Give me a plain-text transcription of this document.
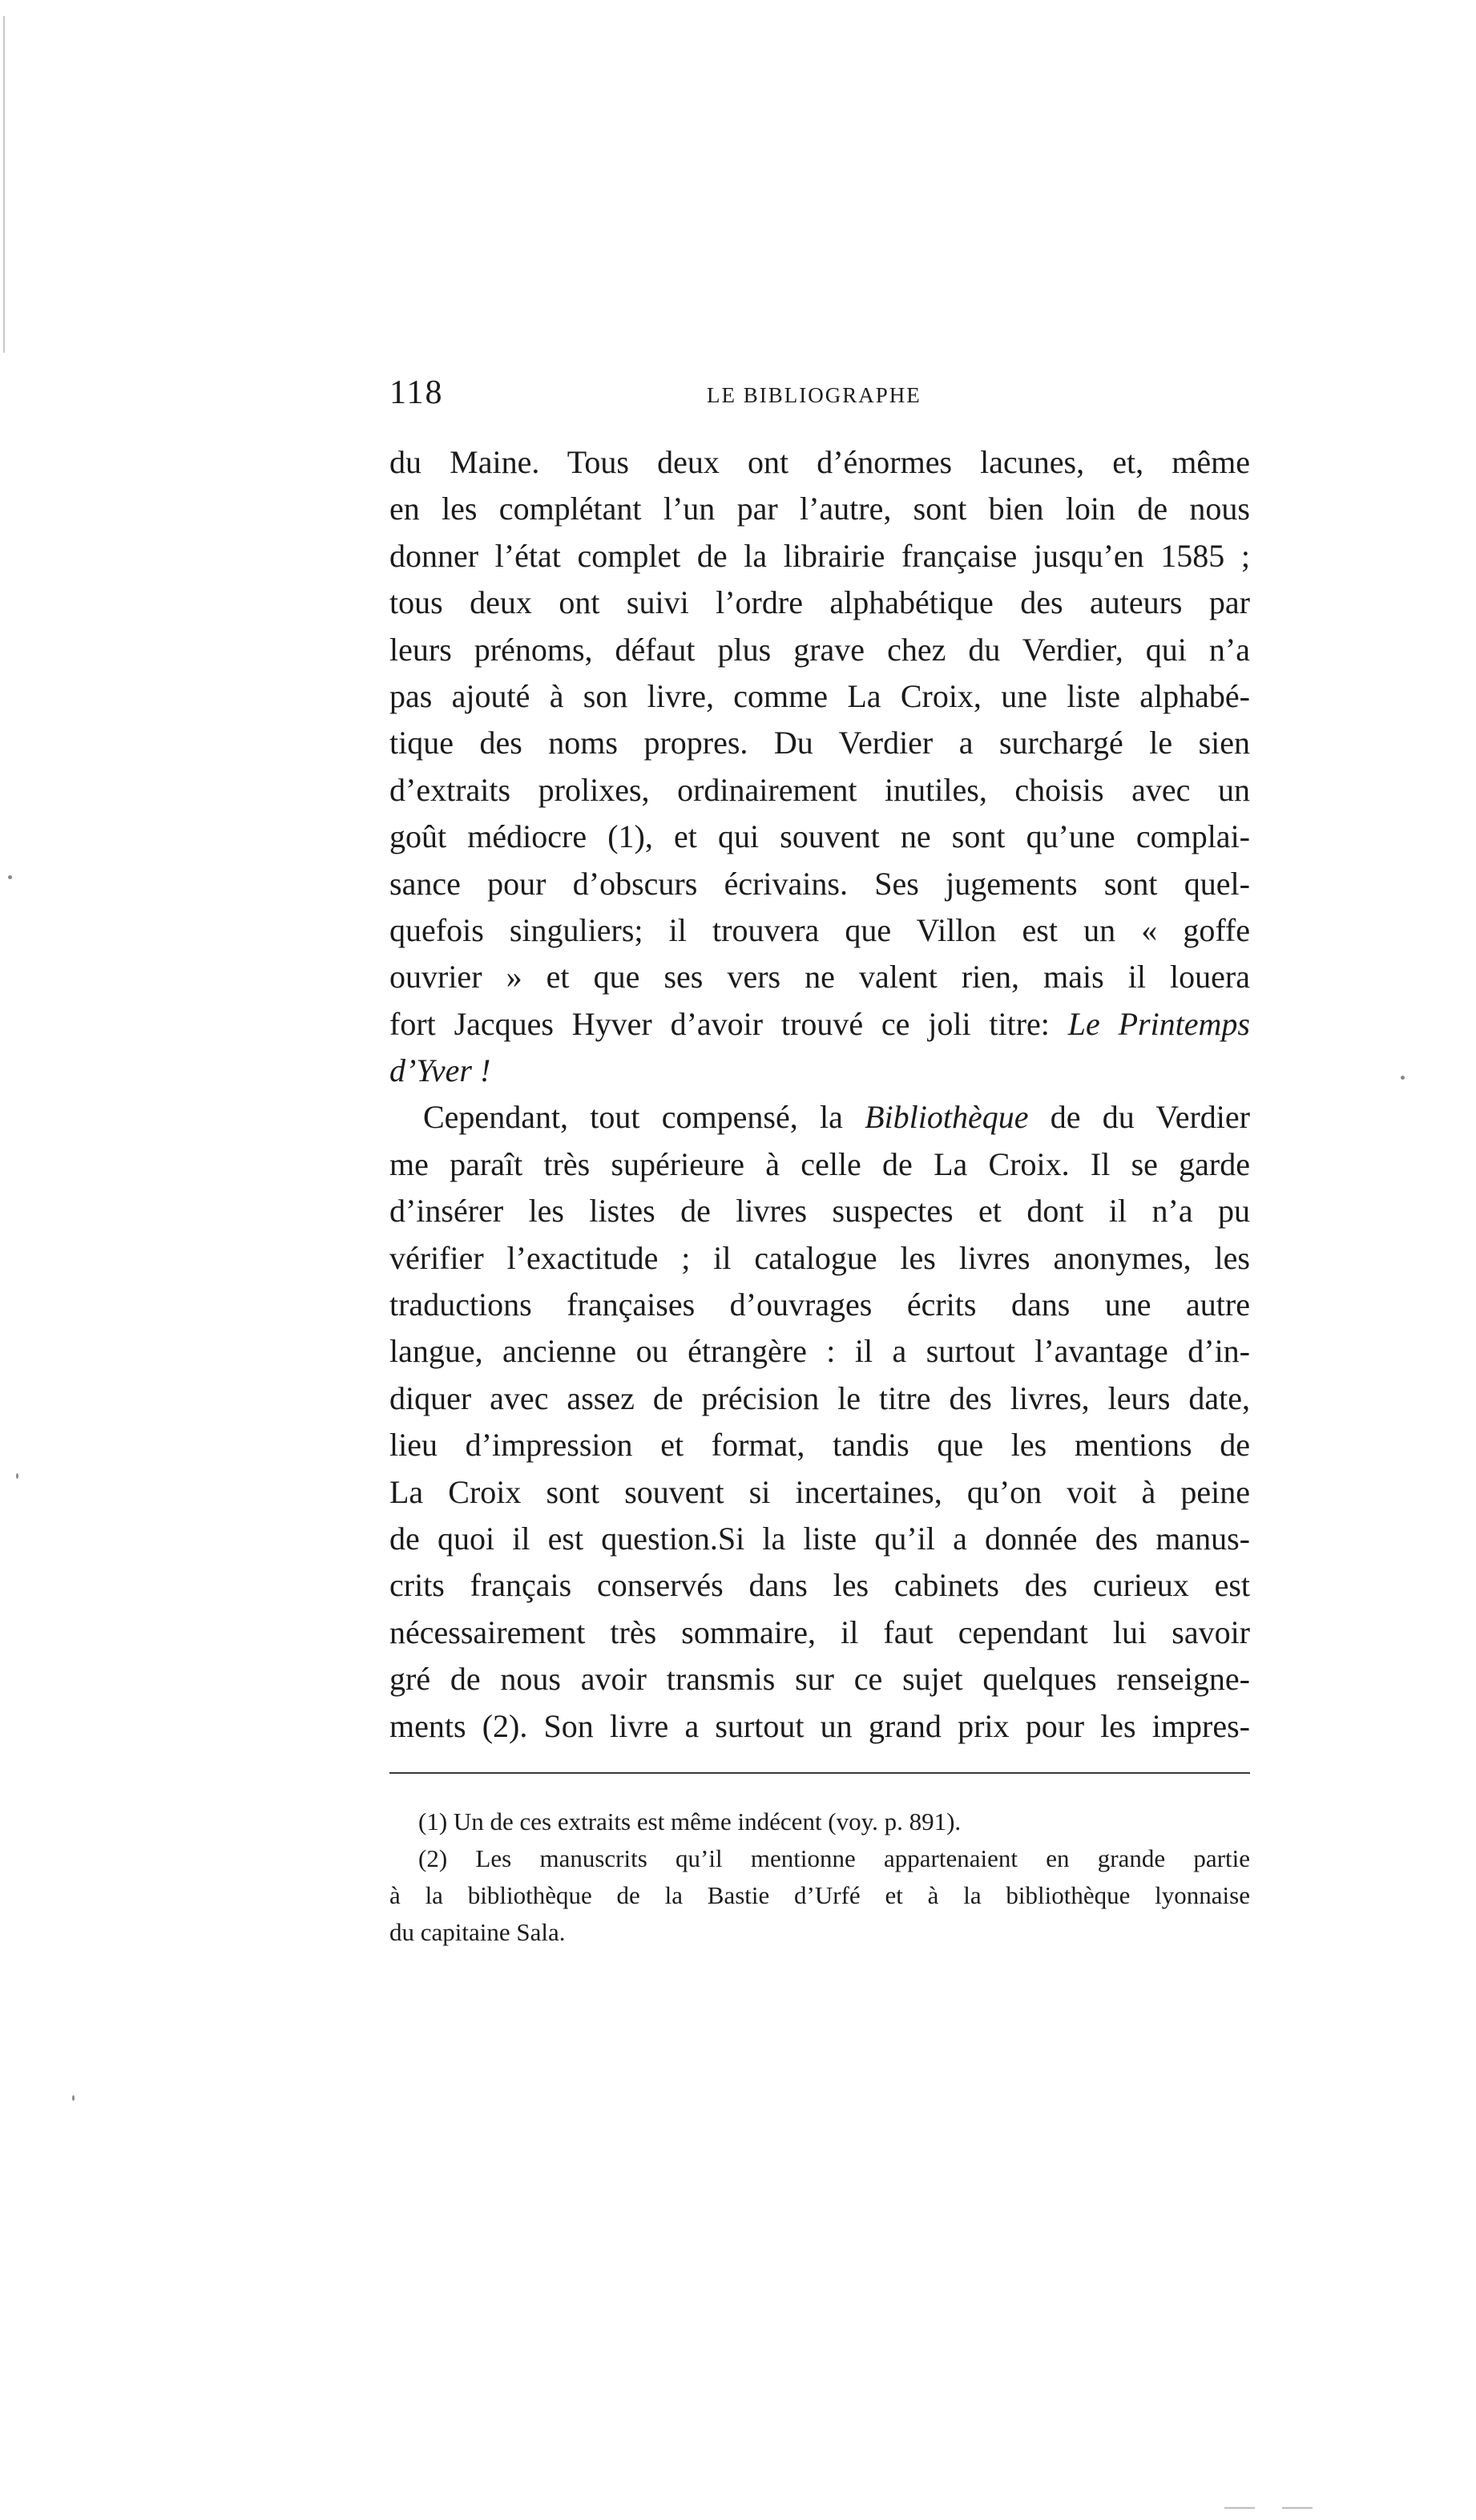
118	LE BIBLIOGRAPHE
du Maine. Tous deux ont d’énormes lacunes, et, même
en les complétant l’un par l’autre, sont bien loin de nous
donner l’état complet de la librairie française jusqu’en 1585 ;
tous deux ont suivi l’ordre alphabétique des auteurs par
leurs prénoms, défaut plus grave chez du Verdier, qui n’a
pas ajouté à son livre, comme La Croix, une liste alphabé-
tique des noms propres. Du Verdier a surchargé le sien
d’extraits prolixes, ordinairement inutiles, choisis avec un
goût médiocre (1), et qui souvent ne sont qu’une complai-
sance pour d’obscurs écrivains. Ses jugements sont quel-
quefois singuliers; il trouvera que Villon est un « goffe
ouvrier » et que ses vers ne valent rien, mais il louera
fort Jacques Hyver d’avoir trouvé ce joli titre: Le Printemps
d’Yver !
Cependant, tout compensé, la Bibliothèque de du Verdier
me paraît très supérieure à celle de La Croix. Il se garde
d’insérer les listes de livres suspectes et dont il n’a pu
vérifier l’exactitude ; il catalogue les livres anonymes, les
traductions françaises d’ouvrages écrits dans une autre
langue, ancienne ou étrangère : il a surtout l’avantage d’in-
diquer avec assez de précision le titre des livres, leurs date,
lieu d’impression et format, tandis que les mentions de
La Croix sont souvent si incertaines, qu’on voit à peine
de quoi il est question.Si la liste qu’il a donnée des manus-
crits français conservés dans les cabinets des curieux est
nécessairement très sommaire, il faut cependant lui savoir
gré de nous avoir transmis sur ce sujet quelques renseigne-
ments (2). Son livre a surtout un grand prix pour les impres-
(1) Un de ces extraits est même indécent (voy. p. 891).
(2) Les manuscrits qu’il mentionne appartenaient en grande partie
à la bibliothèque de la Bastie d’Urfé et à la bibliothèque lyonnaise
du capitaine Sala.
